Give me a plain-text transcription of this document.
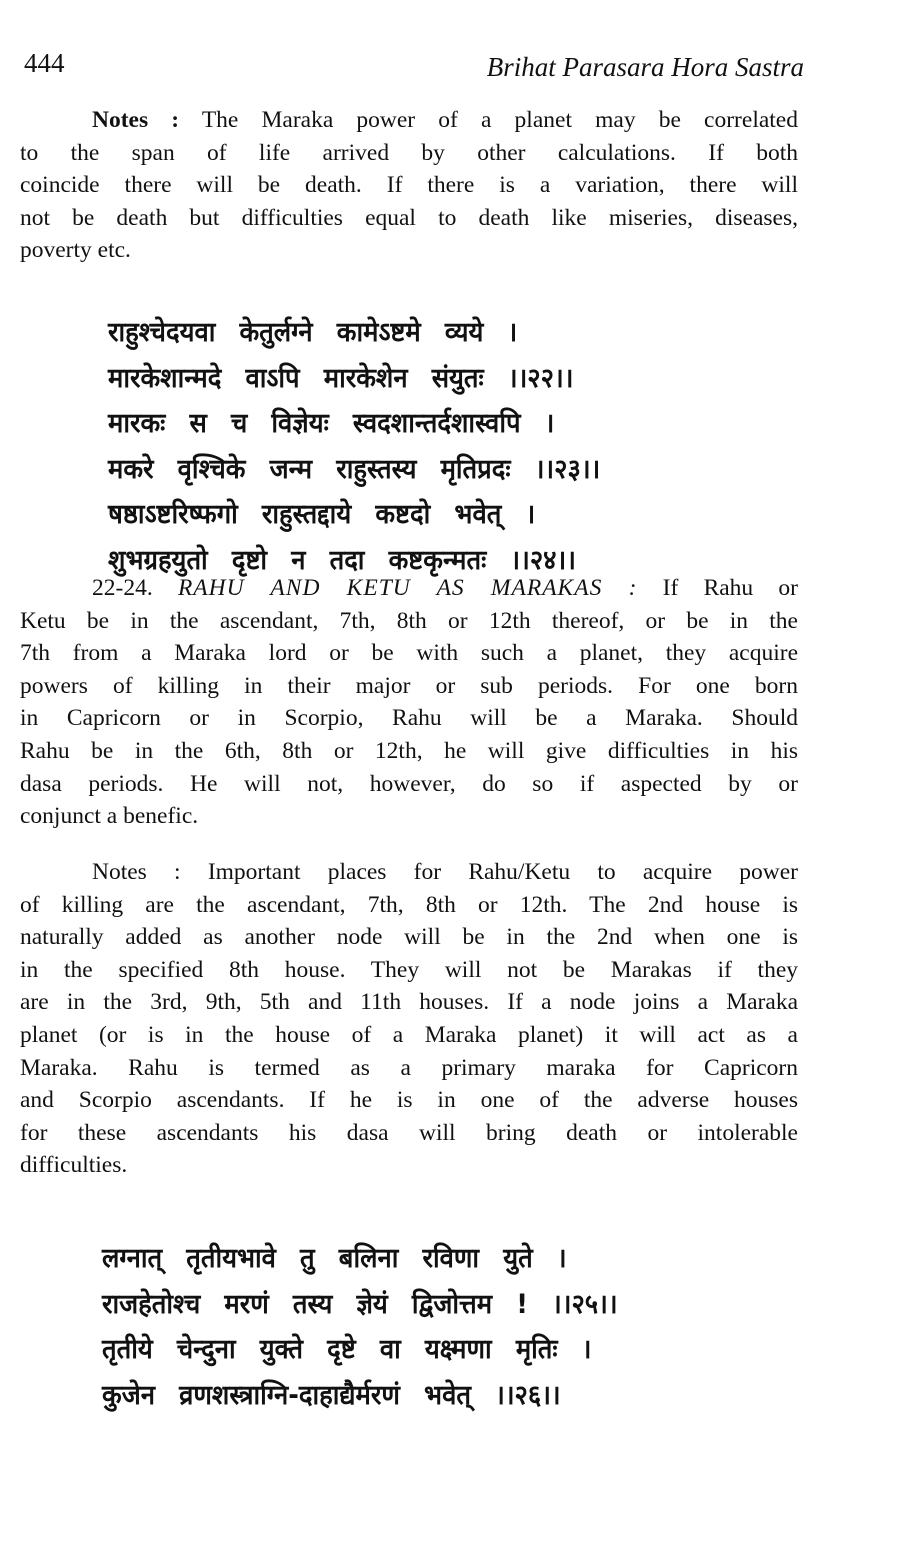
444	Brihat Parasara Hora Sastra
Notes : The Maraka power of a planet may be correlated
to the span of life arrived by other calculations. If both
coincide there will be death. If there is a variation, there will
not be death but difficulties equal to death like miseries, diseases,
poverty etc.
राहुश्चेदयवा केतुर्लग्ने कामेऽष्टमे व्यये ।
मारकेशान्मदे वाऽपि मारकेशेन संयुतः ।।२२।।
मारकः स च विज्ञेयः स्वदशान्तर्दशास्वपि ।
मकरे वृश्चिके जन्म राहुस्तस्य मृतिप्रदः ।।२३।।
षष्ठाऽष्टरिष्फगो राहुस्तद्दाये कष्टदो भवेत् ।
शुभग्रहयुतो दृष्टो न तदा कष्टकृन्मतः ।।२४।।
22-24. RAHU AND KETU AS MARAKAS : If Rahu or
Ketu be in the ascendant, 7th, 8th or 12th thereof, or be in the
7th from a Maraka lord or be with such a planet, they acquire
powers of killing in their major or sub periods. For one born
in Capricorn or in Scorpio, Rahu will be a Maraka. Should
Rahu be in the 6th, 8th or 12th, he will give difficulties in his
dasa periods. He will not, however, do so if aspected by or
conjunct a benefic.
Notes : Important places for Rahu/Ketu to acquire power
of killing are the ascendant, 7th, 8th or 12th. The 2nd house is
naturally added as another node will be in the 2nd when one is
in the specified 8th house. They will not be Marakas if they
are in the 3rd, 9th, 5th and 11th houses. If a node joins a Maraka
planet (or is in the house of a Maraka planet) it will act as a
Maraka. Rahu is termed as a primary maraka for Capricorn
and Scorpio ascendants. If he is in one of the adverse houses
for these ascendants his dasa will bring death or intolerable
difficulties.
लग्नात् तृतीयभावे तु बलिना रविणा युते ।
राजहेतोश्च मरणं तस्य ज्ञेयं द्विजोत्तम ! ।।२५।।
तृतीये चेन्दुना युक्ते दृष्टे वा यक्ष्मणा मृतिः ।
कुजेन व्रणशस्त्राग्नि-दाहाद्यैर्मरणं भवेत् ।।२६।।
